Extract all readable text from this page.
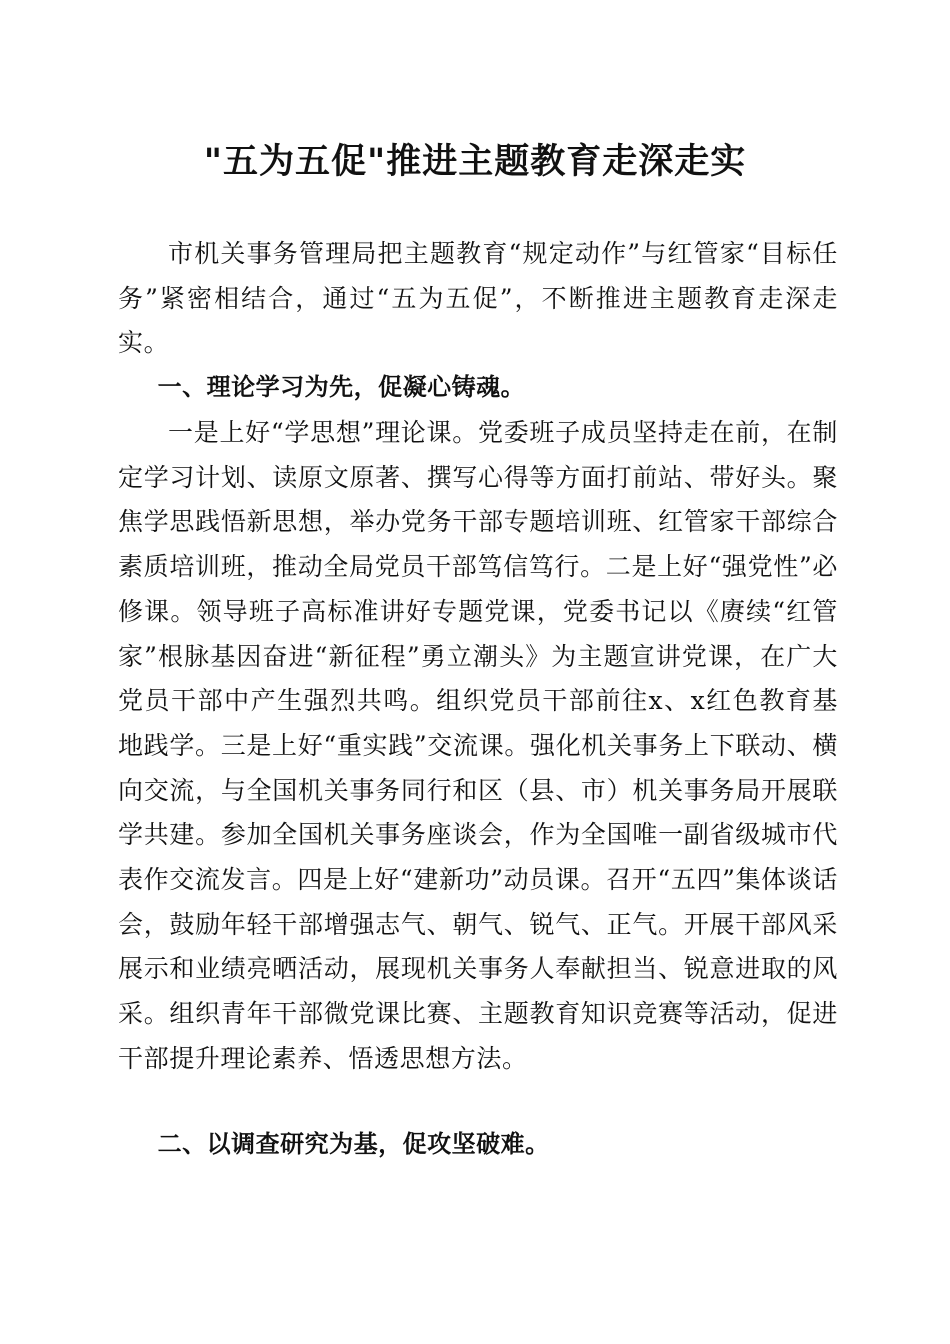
"五为五促"推进主题教育走深走实

市机关事务管理局把主题教育“规定动作”与红管家“目标任务”紧密相结合，通过“五为五促”，不断推进主题教育走深走实。

一、理论学习为先，促凝心铸魂。

一是上好“学思想”理论课。党委班子成员坚持走在前，在制定学习计划、读原文原著、撰写心得等方面打前站、带好头。聚焦学思践悟新思想，举办党务干部专题培训班、红管家干部综合素质培训班，推动全局党员干部笃信笃行。二是上好“强党性”必修课。领导班子高标准讲好专题党课，党委书记以《赓续“红管家”根脉基因奋进“新征程”勇立潮头》为主题宣讲党课，在广大党员干部中产生强烈共鸣。组织党员干部前往x、x红色教育基地践学。三是上好“重实践”交流课。强化机关事务上下联动、横向交流，与全国机关事务同行和区（县、市）机关事务局开展联学共建。参加全国机关事务座谈会，作为全国唯一副省级城市代表作交流发言。四是上好“建新功”动员课。召开“五四”集体谈话会，鼓励年轻干部增强志气、朝气、锐气、正气。开展干部风采展示和业绩亮晒活动，展现机关事务人奉献担当、锐意进取的风采。组织青年干部微党课比赛、主题教育知识竞赛等活动，促进干部提升理论素养、悟透思想方法。

二、以调查研究为基，促攻坚破难。
